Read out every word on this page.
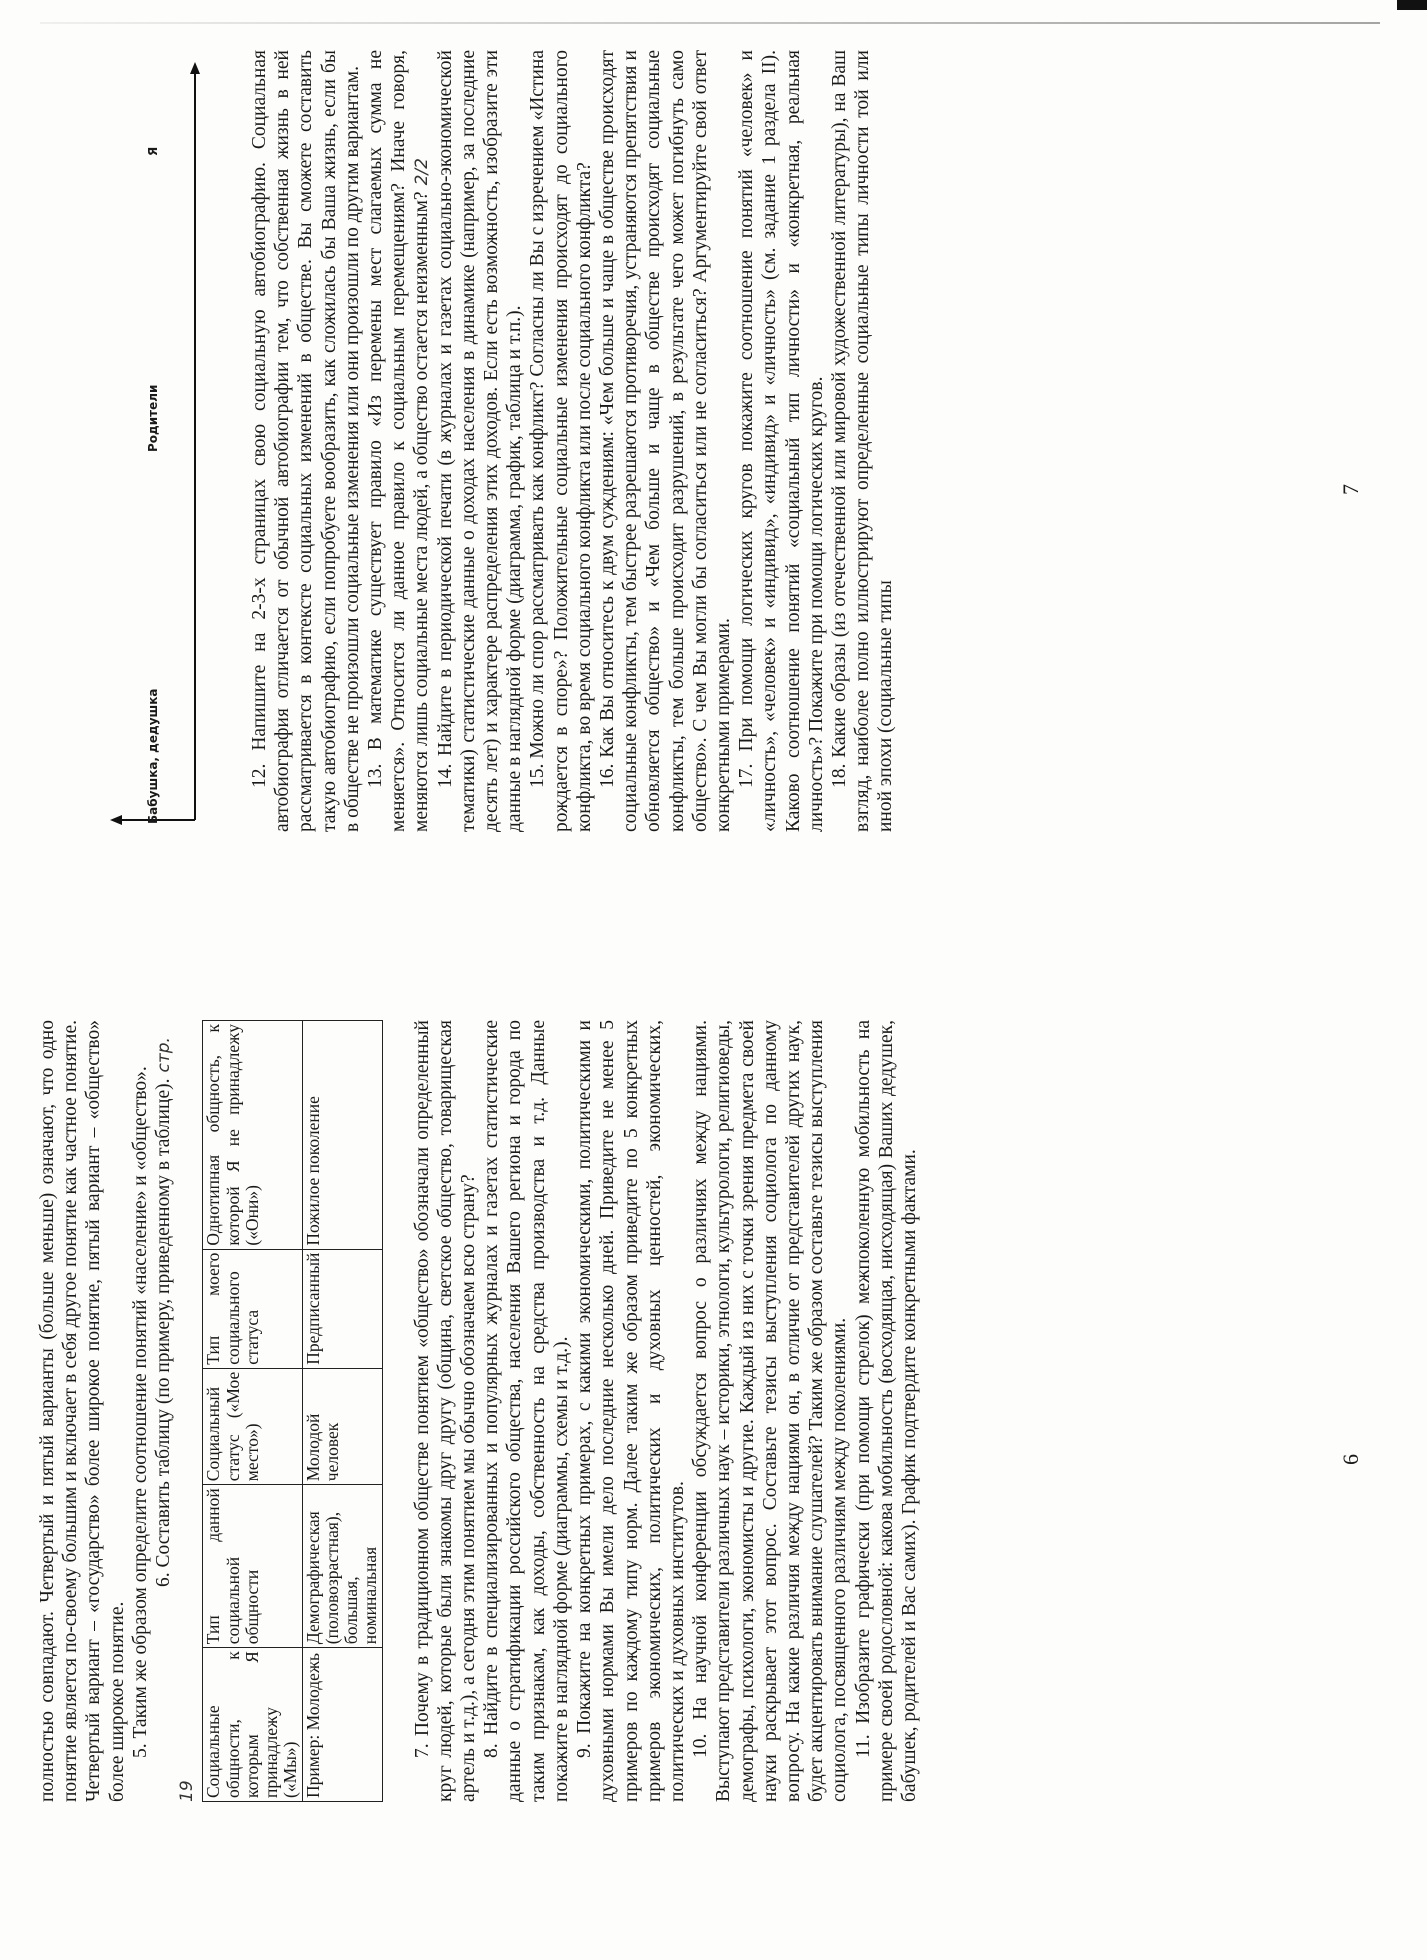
полностью совпадают. Четвертый и пятый варианты (больше меньше) означают, что одно понятие является по-своему большим и включает в себя другое понятие как частное понятие. Четвертый вариант – «государство» более широкое понятие, пятый вариант – «общество» более широкое понятие. 5. Таким же образом определите соотношение понятий «население» и «общество». 6. Составить таблицу (по примеру, приведенному в таблице).стр. 19 Социальные общности, к которым Я принадлежу («Мы»)	Тип данной социальной общности	Социальный статус («Мое место»)	Тип моего социального статуса	Однотипная общность, к которой Я не принадлежу («Они»)
Пример: Молодежь	Демографическая (половозрастная), большая, номинальная	Молодой человек	Предписанный	Пожилое поколение	7. Почему в традиционном обществе понятием «общество» обозначали определенный круг людей, которые были знакомы друг другу (община, светское общество, товарищеская артель и т.д.), а сегодня этим понятием мы обычно обозначаем всю страну? 8. Найдите в специализированных и популярных журналах и газетах статистические данные о стратификации российского общества, населения Вашего региона и города по таким признакам, как доходы, собственность на средства производства и т.д. Данные покажите в наглядной форме (диаграммы, схемы и т.д.). 9. Покажите на конкретных примерах, с какими экономическими, политическими и духовными нормами Вы имели дело последние несколько дней. Приведите не менее 5 примеров по каждому типу норм. Далее таким же образом приведите по 5 конкретных примеров экономических, политических и духовных ценностей, экономических, политических и духовных институтов. 10. На научной конференции обсуждается вопрос о различиях между нациями. Выступают представители различных наук – историки, этнологи, культурологи, религиоведы, демографы, психологи, экономисты и другие. Каждый из них с точки зрения предмета своей науки раскрывает этот вопрос. Составьте тезисы выступления социолога по данному вопросу. На какие различия между нациями он, в отличие от представителей других наук, будет акцентировать внимание слушателей? Таким же образом составьте тезисы выступления социолога, посвященного различиям между поколениями. 11. Изобразите графически (при помощи стрелок) межпоколенную мобильность на примере своей родословной: какова мобильность (восходящая, нисходящая) Ваших дедушек, бабушек, родителей и Вас самих). График подтвердите конкретными фактами.	6
Бабушка, дедушка
Родители
Я	12. Напишите на 2-3-х страницах свою социальную автобиографию. Социальная автобиография отличается от обычной автобиографии тем, что собственная жизнь в ней рассматривается в контексте социальных изменений в обществе. Вы сможете составить такую автобиографию, если попробуете вообразить, как сложилась бы Ваша жизнь, если бы в обществе не произошли социальные изменения или они произошли по другим вариантам. 13. В математике существует правило «Из перемены мест слагаемых сумма не меняется». Относится ли данное правило к социальным перемещениям? Иначе говоря, меняются лишь социальные места людей, а общество остается неизменным?2/2 14. Найдите в периодической печати (в журналах и газетах социально-экономической тематики) статистические данные о доходах населения в динамике (например, за последние десять лет) и характере распределения этих доходов. Если есть возможность, изобразите эти данные в наглядной форме (диаграмма, график, таблица и т.п.). 15. Можно ли спор рассматривать как конфликт? Согласны ли Вы с изречением «Истина рождается в споре»? Положительные социальные изменения происходят до социального конфликта, во время социального конфликта или после социального конфликта? 16. Как Вы относитесь к двум суждениям: «Чем больше и чаще в обществе происходят социальные конфликты, тем быстрее разрешаются противоречия, устраняются препятствия и обновляется общество» и «Чем больше и чаще в обществе происходят социальные конфликты, тем больше происходит разрушений, в результате чего может погибнуть само общество». С чем Вы могли бы согласиться или не согласиться? Аргументируйте свой ответ конкретными примерами. 17. При помощи логических кругов покажите соотношение понятий «человек» и «личность», «человек» и «индивид», «индивид» и «личность» (см. задание 1 раздела II). Каково соотношение понятий «социальный тип личности» и «конкретная, реальная личность»? Покажите при помощи логических кругов. 18. Какие образы (из отечественной или мировой художественной литературы), на Ваш взгляд, наиболее полно иллюстрируют определенные социальные типы личности той или иной эпохи (социальные типы

7
